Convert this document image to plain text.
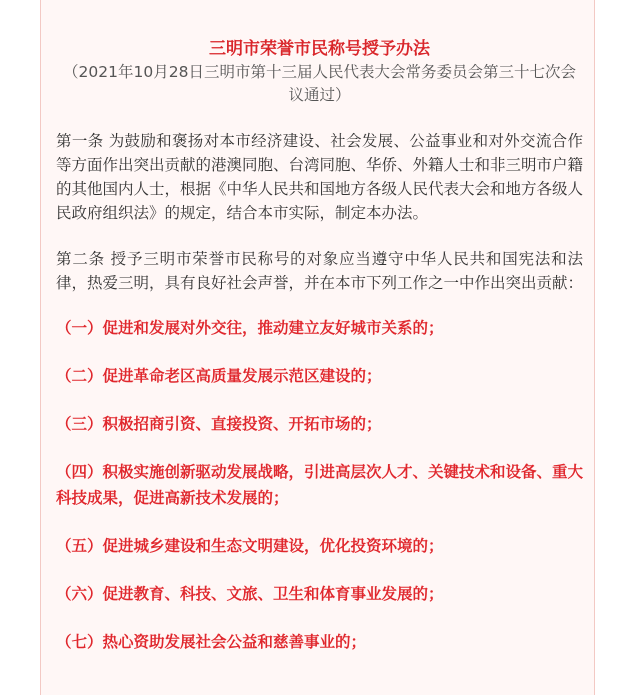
三明市荣誉市民称号授予办法

（2021年10月28日三明市第十三届人民代表大会常务委员会第三十七次会议通过）

第一条 为鼓励和褒扬对本市经济建设、社会发展、公益事业和对外交流合作等方面作出突出贡献的港澳同胞、台湾同胞、华侨、外籍人士和非三明市户籍的其他国内人士，根据《中华人民共和国地方各级人民代表大会和地方各级人民政府组织法》的规定，结合本市实际，制定本办法。

第二条 授予三明市荣誉市民称号的对象应当遵守中华人民共和国宪法和法律，热爱三明，具有良好社会声誉，并在本市下列工作之一中作出突出贡献：

（一）促进和发展对外交往，推动建立友好城市关系的；

（二）促进革命老区高质量发展示范区建设的；

（三）积极招商引资、直接投资、开拓市场的；

（四）积极实施创新驱动发展战略，引进高层次人才、关键技术和设备、重大科技成果，促进高新技术发展的；

（五）促进城乡建设和生态文明建设，优化投资环境的；

（六）促进教育、科技、文旅、卫生和体育事业发展的；

（七）热心资助发展社会公益和慈善事业的；
